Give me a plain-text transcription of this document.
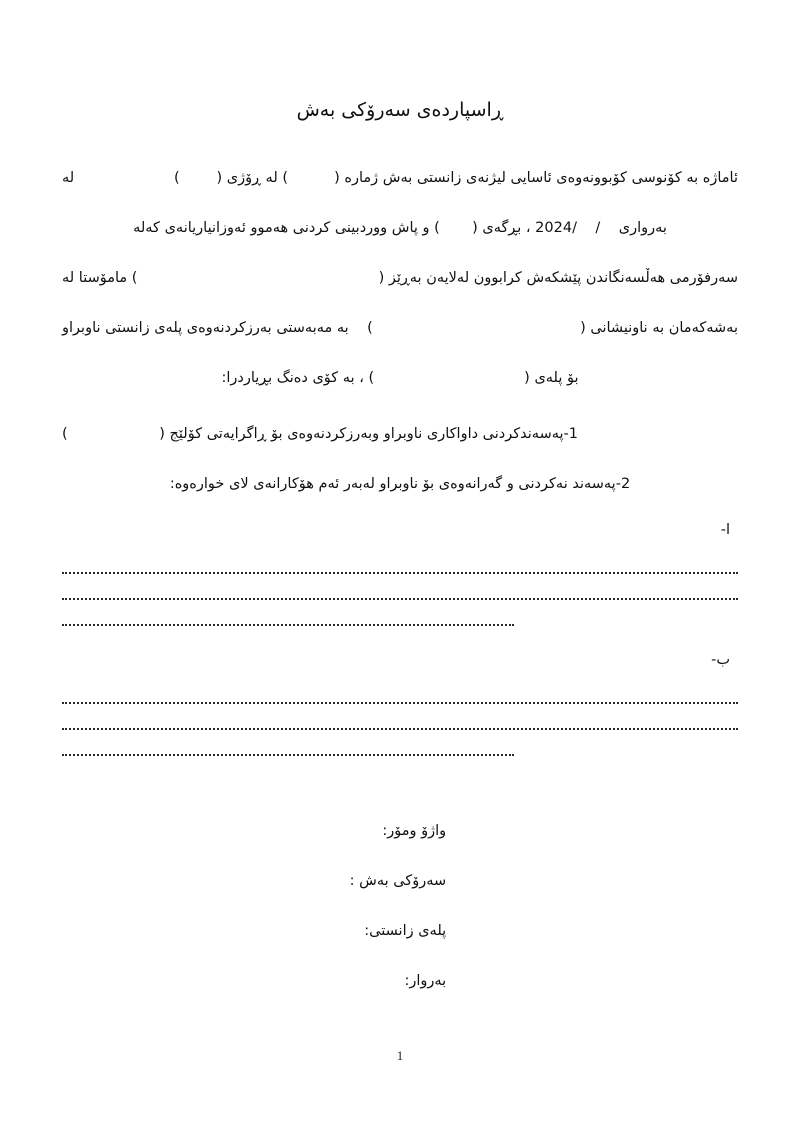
ڕاسپاردەی سەرۆکی بەش
ئاماژە بە کۆنوسی کۆبوونەوەی ئاسایی لیژنەی زانستی بەش ژمارە (          ) لە ڕۆژی (        )
لە
بەرواری    /    /2024 ، بڕگەی (       ) و پاش ووردبینی کردنی هەموو ئەوزانیاریانەی کەلە
سەرفۆرمی هەڵسەنگاندن پێشکەش کرابوون لەلایەن بەڕێز (
) مامۆستا لە
بەشەکەمان بە ناونیشانی (
)    بە مەبەستی بەرزکردنەوەی پلەی زانستی ناوبراو
بۆ پلەی (
) ، بە کۆی دەنگ بڕیاردرا:
1-پەسەندکردنی داواکاری ناوبراو وبەرزکردنەوەی بۆ ڕاگرایەتی کۆلێج (
)
2-پەسەند نەکردنی و گەرانەوەی بۆ ناوبراو لەبەر ئەم هۆکارانەی لای خوارەوە:
ا-
ب-

واژۆ ومۆر:

سەرۆکی بەش :

پلەی زانستی:

بەروار:

1
